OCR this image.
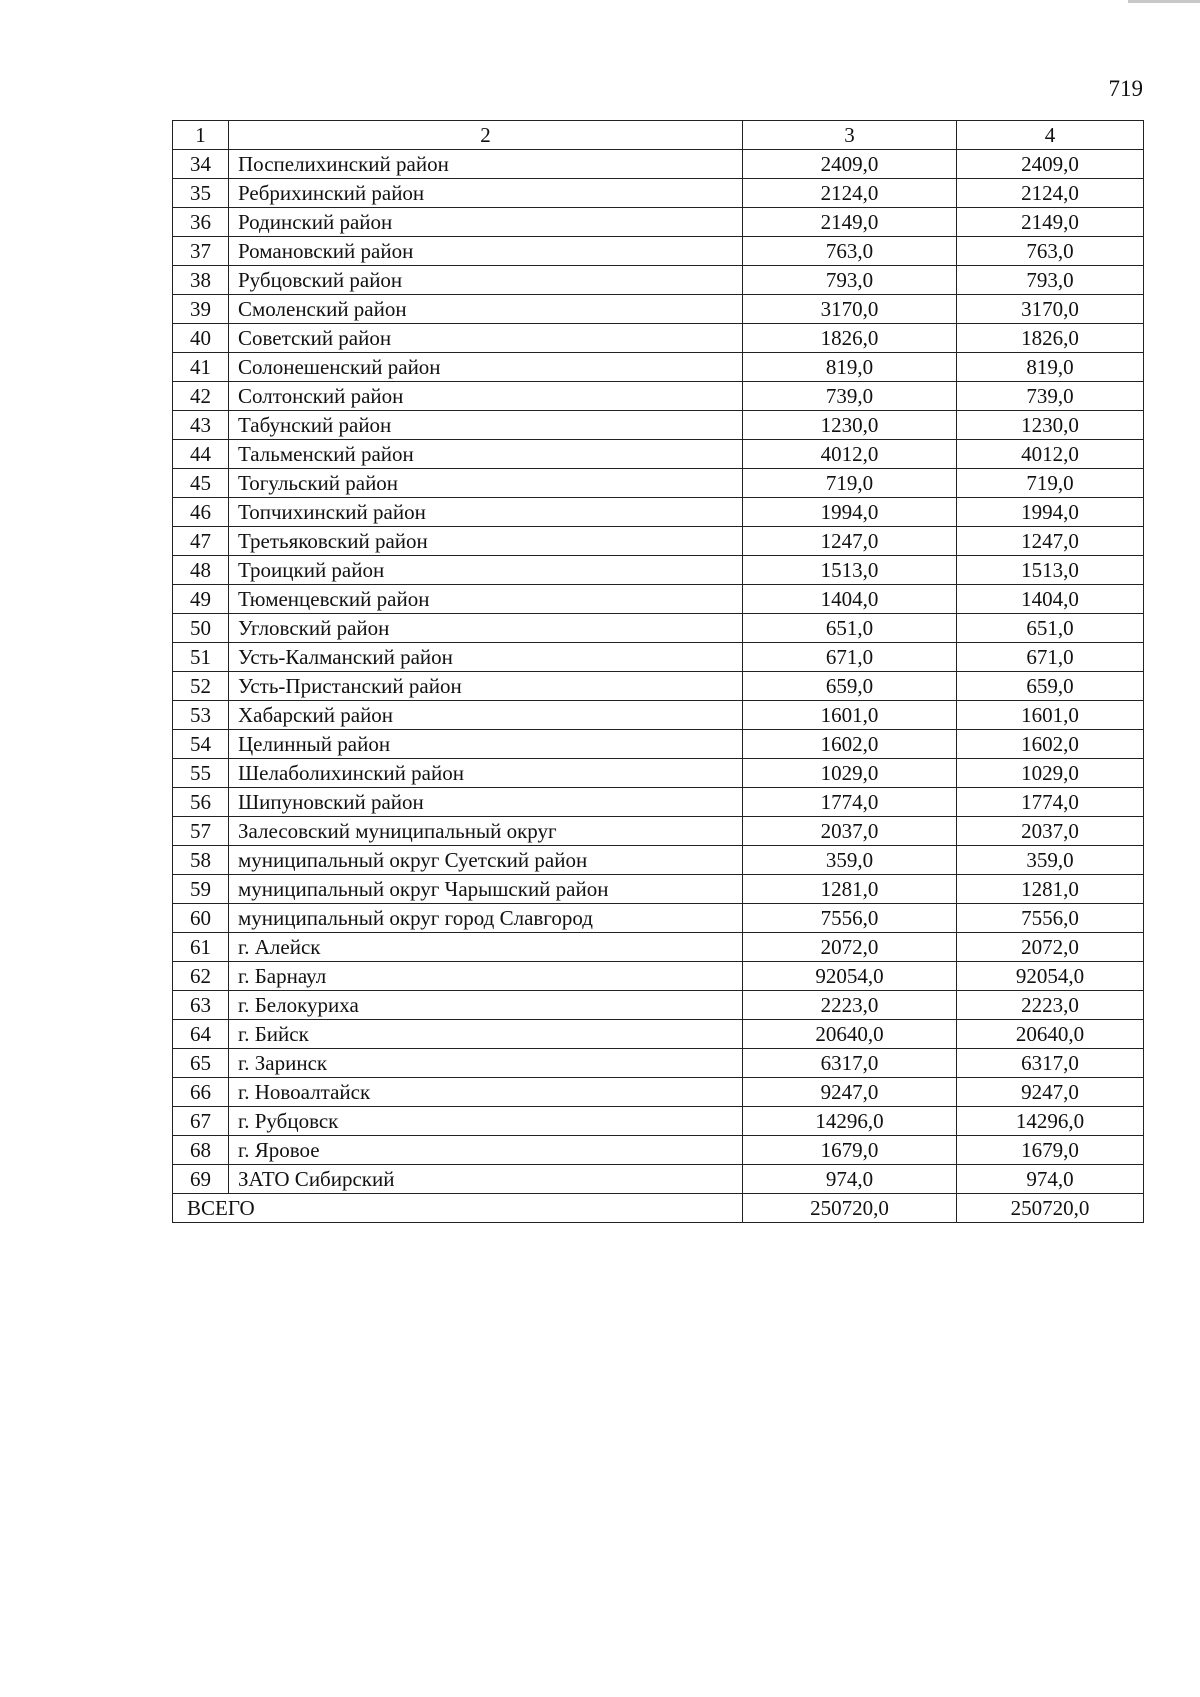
719
1	2	3	4
34	Поспелихинский район	2409,0	2409,0
35	Ребрихинский район	2124,0	2124,0
36	Родинский район	2149,0	2149,0
37	Романовский район	763,0	763,0
38	Рубцовский район	793,0	793,0
39	Смоленский район	3170,0	3170,0
40	Советский район	1826,0	1826,0
41	Солонешенский район	819,0	819,0
42	Солтонский район	739,0	739,0
43	Табунский район	1230,0	1230,0
44	Тальменский район	4012,0	4012,0
45	Тогульский район	719,0	719,0
46	Топчихинский район	1994,0	1994,0
47	Третьяковский район	1247,0	1247,0
48	Троицкий район	1513,0	1513,0
49	Тюменцевский район	1404,0	1404,0
50	Угловский район	651,0	651,0
51	Усть-Калманский район	671,0	671,0
52	Усть-Пристанский район	659,0	659,0
53	Хабарский район	1601,0	1601,0
54	Целинный район	1602,0	1602,0
55	Шелаболихинский район	1029,0	1029,0
56	Шипуновский район	1774,0	1774,0
57	Залесовский муниципальный округ	2037,0	2037,0
58	муниципальный округ Суетский район	359,0	359,0
59	муниципальный округ Чарышский район	1281,0	1281,0
60	муниципальный округ город Славгород	7556,0	7556,0
61	г. Алейск	2072,0	2072,0
62	г. Барнаул	92054,0	92054,0
63	г. Белокуриха	2223,0	2223,0
64	г. Бийск	20640,0	20640,0
65	г. Заринск	6317,0	6317,0
66	г. Новоалтайск	9247,0	9247,0
67	г. Рубцовск	14296,0	14296,0
68	г. Яровое	1679,0	1679,0
69	ЗАТО Сибирский	974,0	974,0
ВСЕГО		250720,0	250720,0
